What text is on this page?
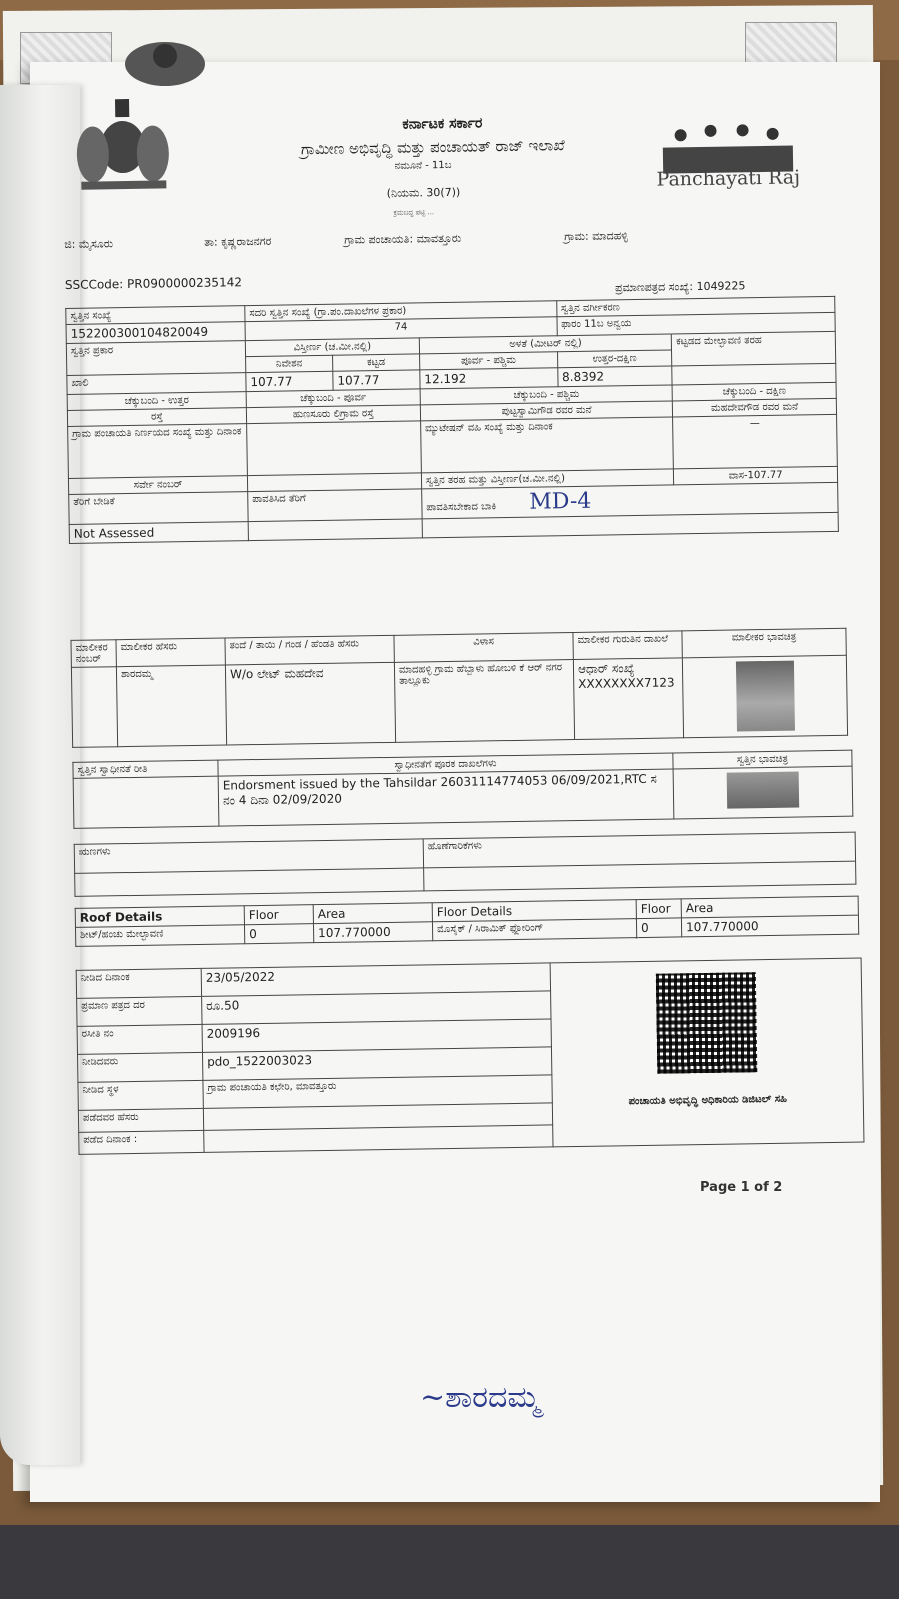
ಕರ್ನಾಟಕ ಸರ್ಕಾರ
ಗ್ರಾಮೀಣ ಅಭಿವೃದ್ಧಿ ಮತ್ತು ಪಂಚಾಯತ್ ರಾಜ್ ಇಲಾಖೆ
ನಮೂನೆ - 11ಬ
(ನಿಯಮ. 30(7))
ಕ್ರಮಬದ್ಧ ಪಟ್ಟಿ ...
Panchayati Raj
ಜಿ: ಮೈಸೂರು	ತಾ: ಕೃಷ್ಣರಾಜನಗರ	ಗ್ರಾಮ ಪಂಚಾಯತಿ: ಮಾವತ್ತೂರು	ಗ್ರಾಮ: ಮಾದಹಳ್ಳಿ
SSCCode: PR0900000235142	ಪ್ರಮಾಣಪತ್ರದ ಸಂಖ್ಯೆ: 1049225
ಸ್ವತ್ತಿನ ಸಂಖ್ಯೆ	ಸದರಿ ಸ್ವತ್ತಿನ ಸಂಖ್ಯೆ (ಗ್ರಾ.ಪಂ.ದಾಖಲೆಗಳ ಪ್ರಕಾರ)			ಸ್ವತ್ತಿನ ವರ್ಗೀಕರಣ	
152200300104820049	74			ಫಾರಂ 11ಬ ಅನ್ವಯ	
ಸ್ವತ್ತಿನ ಪ್ರಕಾರ	ವಿಸ್ತೀರ್ಣ (ಚ.ಮೀ.ನಲ್ಲಿ)		ಅಳತೆ (ಮೀಟರ್ ನಲ್ಲಿ)		ಕಟ್ಟಡದ ಮೇಲ್ಛಾವಣಿ ತರಹ
	ನಿವೇಶನ	ಕಟ್ಟಡ	ಪೂರ್ವ - ಪಶ್ಚಿಮ	ಉತ್ತರ-ದಕ್ಷಿಣ	
ಖಾಲಿ	107.77	107.77	12.192	8.8392	
ಚೆಕ್ಕುಬಂದಿ - ಉತ್ತರ	ಚೆಕ್ಕುಬಂದಿ - ಪೂರ್ವ		ಚೆಕ್ಕುಬಂದಿ - ಪಶ್ಚಿಮ		ಚೆಕ್ಕುಬಂದಿ - ದಕ್ಷಿಣ
ರಸ್ತೆ	ಹುಣಸೂರು ಲಿಗ್ರಾಮ ರಸ್ತೆ		ಪುಟ್ಟಸ್ವಾಮಿಗೌಡ ರವರ ಮನೆ		ಮಹದೇವಗೌಡ ರವರ ಮನೆ
ಗ್ರಾಮ ಪಂಚಾಯತಿ ನಿರ್ಣಯದ ಸಂಖ್ಯೆ ಮತ್ತು ದಿನಾಂಕ			ಮ್ಯುಟೇಷನ್ ವಹಿ ಸಂಖ್ಯೆ ಮತ್ತು ದಿನಾಂಕ		—
ಸರ್ವೇ ನಂಬರ್			ಸ್ವತ್ತಿನ ತರಹ ಮತ್ತು ವಿಸ್ತೀರ್ಣ(ಚ.ಮೀ.ನಲ್ಲಿ)		ವಾಸ-107.77
ತೆರಿಗೆ ಬೇಡಿಕೆ	ಪಾವತಿಸಿದ ತೆರಿಗೆ		ಪಾವತಿಸಬೇಕಾದ ಬಾಕಿ MD-4		
Not Assessed					
ಮಾಲೀಕರ ನಂಬರ್	ಮಾಲೀಕರ ಹೆಸರು	ತಂದೆ / ತಾಯಿ / ಗಂಡ / ಹೆಂಡತಿ ಹೆಸರು	ವಿಳಾಸ	ಮಾಲೀಕರ ಗುರುತಿನ ದಾಖಲೆ	ಮಾಲೀಕರ ಭಾವಚಿತ್ರ
	ಶಾರದಮ್ಮ	W/o ಲೇಟ್ ಮಹದೇವ	ಮಾದಹಳ್ಳಿ ಗ್ರಾಮ ಹೆಬ್ಬಾಳು ಹೋಬಳಿ ಕೆ ಆರ್ ನಗರ ತಾಲ್ಲೂಕು	ಆಧಾರ್ ಸಂಖ್ಯೆ XXXXXXXX7123	
ಸ್ವತ್ತಿನ ಸ್ವಾಧೀನತೆ ರೀತಿ	ಸ್ವಾಧೀನತೆಗೆ ಪೂರಕ ದಾಖಲೆಗಳು	ಸ್ವತ್ತಿನ ಭಾವಚಿತ್ರ
	Endorsment issued by the Tahsildar 26031114774053 06/09/2021,RTC ಸ ನಂ 4 ದಿನಾ 02/09/2020	
ಋಣಗಳು	ಹೊಣೆಗಾರಿಕೆಗಳು

Roof Details	Floor	Area	Floor Details	Floor	Area
ಶೀಟ್/ಹಂಚು ಮೇಲ್ಛಾವಣಿ	0	107.770000	ಮೊಸೈಕ್ / ಸಿರಾಮಿಕ್ ಫ್ಲೋರಿಂಗ್	0	107.770000
ನೀಡಿದ ದಿನಾಂಕ	23/05/2022	ಪಂಚಾಯತಿ ಅಭಿವೃದ್ಧಿ ಅಧಿಕಾರಿಯ ಡಿಜಿಟಲ್ ಸಹಿ

ಪ್ರಮಾಣ ಪತ್ರದ ದರ	ರೂ.50	
ರಸೀತಿ ನಂ	2009196	
ನೀಡಿದವರು	pdo_1522003023	
ನೀಡಿದ ಸ್ಥಳ	ಗ್ರಾಮ ಪಂಚಾಯತಿ ಕಛೇರಿ, ಮಾವತ್ತೂರು	
ಪಡೆದವರ ಹೆಸರು		
ಪಡೆದ ದಿನಾಂಕ :		
Page 1 of 2
~ಶಾರದಮ್ಮ
